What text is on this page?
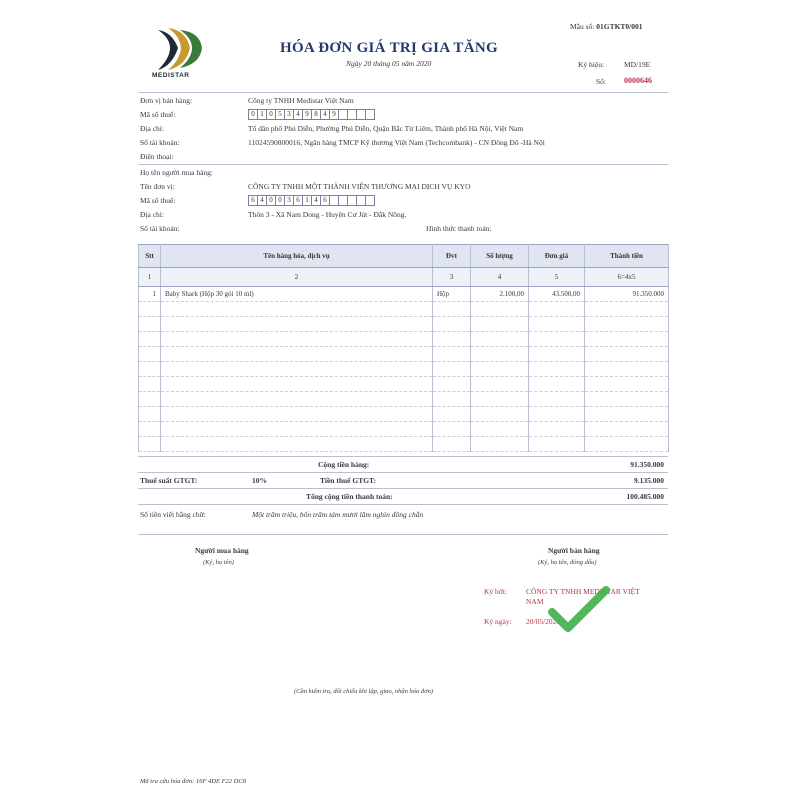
MEDISTAR
HÓA ĐƠN GIÁ TRỊ GIA TĂNG
Ngày 20 tháng 05 năm 2020
Mẫu số: 01GTKT0/001
Ký hiệu:	MD/19E
Số: 0000646
Đơn vị bán hàng:	Công ty TNHH Medistar Việt Nam
Mã số thuế:	0 1 0 5 3 4 9 8 4 9
Địa chỉ:	Tổ dân phố Phú Diễn, Phường Phú Diễn, Quận Bắc Từ Liêm, Thành phố Hà Nội, Việt Nam
Số tài khoản:	11024590800016, Ngân hàng TMCP Kỹ thương Việt Nam (Techcombank) - CN Đông Đô -Hà Nội
Điện thoại:
Họ tên người mua hàng:
Tên đơn vị:	CÔNG TY TNHH MỘT THÀNH VIÊN THƯƠNG MẠI DỊCH VỤ KYO
Mã số thuế:	6 4 0 0 3 6 1 4 6
Địa chỉ:	Thôn 3 - Xã Nam Dong - Huyện Cư Jút - Đắk Nông.
Số tài khoản:	Hình thức thanh toán:
Stt	Tên hàng hóa, dịch vụ	Đvt	Số lượng	Đơn giá	Thành tiền
1	2	3	4	5	6=4x5
1	Baby Shark (Hộp 30 gói 10 ml)	Hộp	2.100,00	43.500,00	91.350.000

Cộng tiền hàng:	91.350.000
Thuế suất GTGT:	10%	Tiền thuế GTGT:	9.135.000
Tổng cộng tiền thanh toán:	100.485.000
Số tiền viết bằng chữ:	Một trăm triệu, bốn trăm tám mươi lăm nghìn đồng chẵn
Người mua hàng
(Ký, họ tên)
Người bán hàng
(Ký, họ tên, đóng dấu)
Ký bởi:	CÔNG TY TNHH MEDISTAR VIỆT NAM
Ký ngày: 20/05/2020
(Cần kiểm tra, đối chiếu khi lập, giao, nhận hóa đơn)
Mã tra cứu hóa đơn: 16F 4DE F22 DC8
